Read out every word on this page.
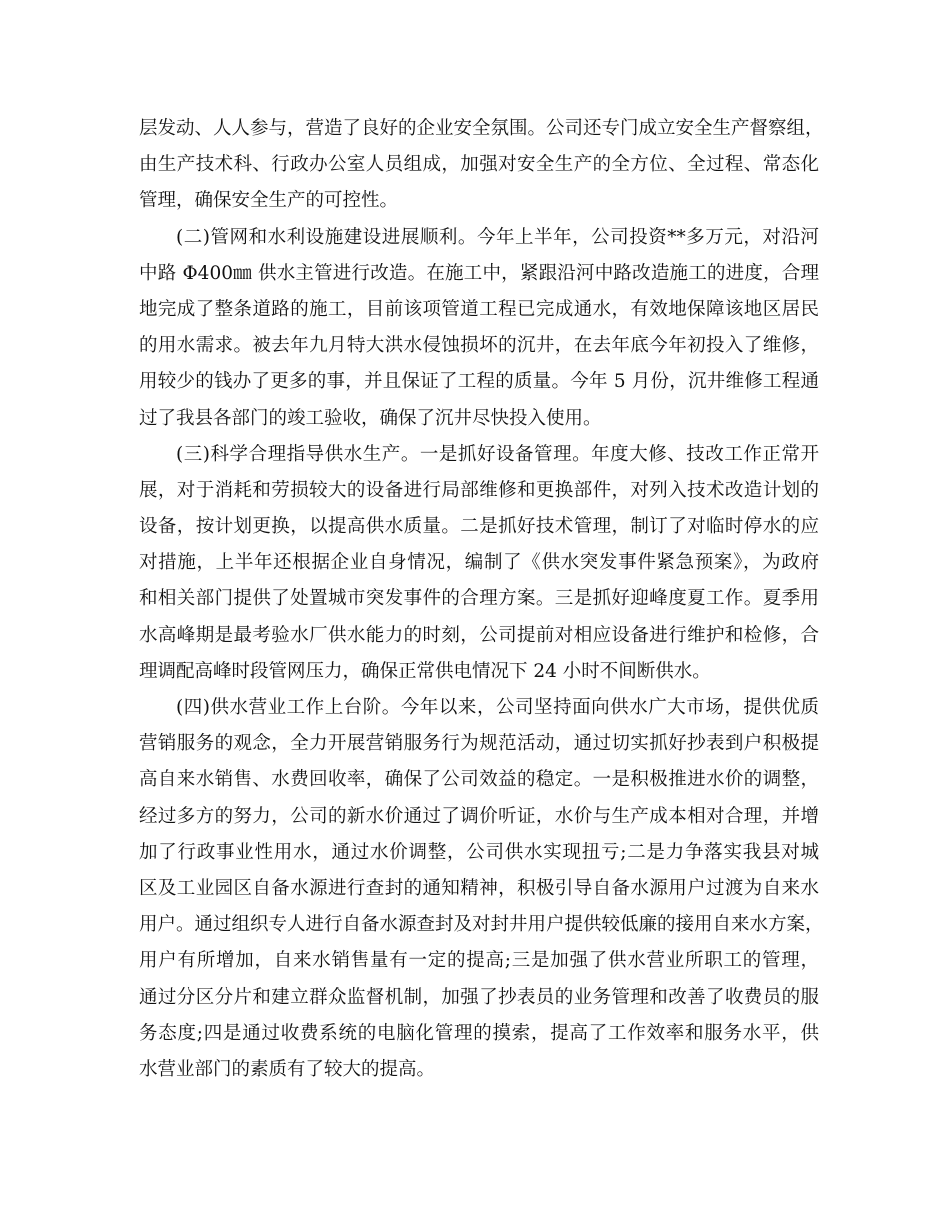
层发动、人人参与，营造了良好的企业安全氛围。公司还专门成立安全生产督察组，
由生产技术科、行政办公室人员组成，加强对安全生产的全方位、全过程、常态化
管理，确保安全生产的可控性。
(二)管网和水利设施建设进展顺利。今年上半年，公司投资**多万元，对沿河
中路 Φ400㎜ 供水主管进行改造。在施工中，紧跟沿河中路改造施工的进度，合理
地完成了整条道路的施工，目前该项管道工程已完成通水，有效地保障该地区居民
的用水需求。被去年九月特大洪水侵蚀损坏的沉井，在去年底今年初投入了维修，
用较少的钱办了更多的事，并且保证了工程的质量。今年 5 月份，沉井维修工程通
过了我县各部门的竣工验收，确保了沉井尽快投入使用。
(三)科学合理指导供水生产。一是抓好设备管理。年度大修、技改工作正常开
展，对于消耗和劳损较大的设备进行局部维修和更换部件，对列入技术改造计划的
设备，按计划更换，以提高供水质量。二是抓好技术管理，制订了对临时停水的应
对措施，上半年还根据企业自身情况，编制了《供水突发事件紧急预案》，为政府
和相关部门提供了处置城市突发事件的合理方案。三是抓好迎峰度夏工作。夏季用
水高峰期是最考验水厂供水能力的时刻，公司提前对相应设备进行维护和检修，合
理调配高峰时段管网压力，确保正常供电情况下 24 小时不间断供水。
(四)供水营业工作上台阶。今年以来，公司坚持面向供水广大市场，提供优质
营销服务的观念，全力开展营销服务行为规范活动，通过切实抓好抄表到户积极提
高自来水销售、水费回收率，确保了公司效益的稳定。一是积极推进水价的调整，
经过多方的努力，公司的新水价通过了调价听证，水价与生产成本相对合理，并增
加了行政事业性用水，通过水价调整，公司供水实现扭亏;二是力争落实我县对城
区及工业园区自备水源进行查封的通知精神，积极引导自备水源用户过渡为自来水
用户。通过组织专人进行自备水源查封及对封井用户提供较低廉的接用自来水方案，
用户有所增加，自来水销售量有一定的提高;三是加强了供水营业所职工的管理，
通过分区分片和建立群众监督机制，加强了抄表员的业务管理和改善了收费员的服
务态度;四是通过收费系统的电脑化管理的摸索，提高了工作效率和服务水平，供
水营业部门的素质有了较大的提高。
